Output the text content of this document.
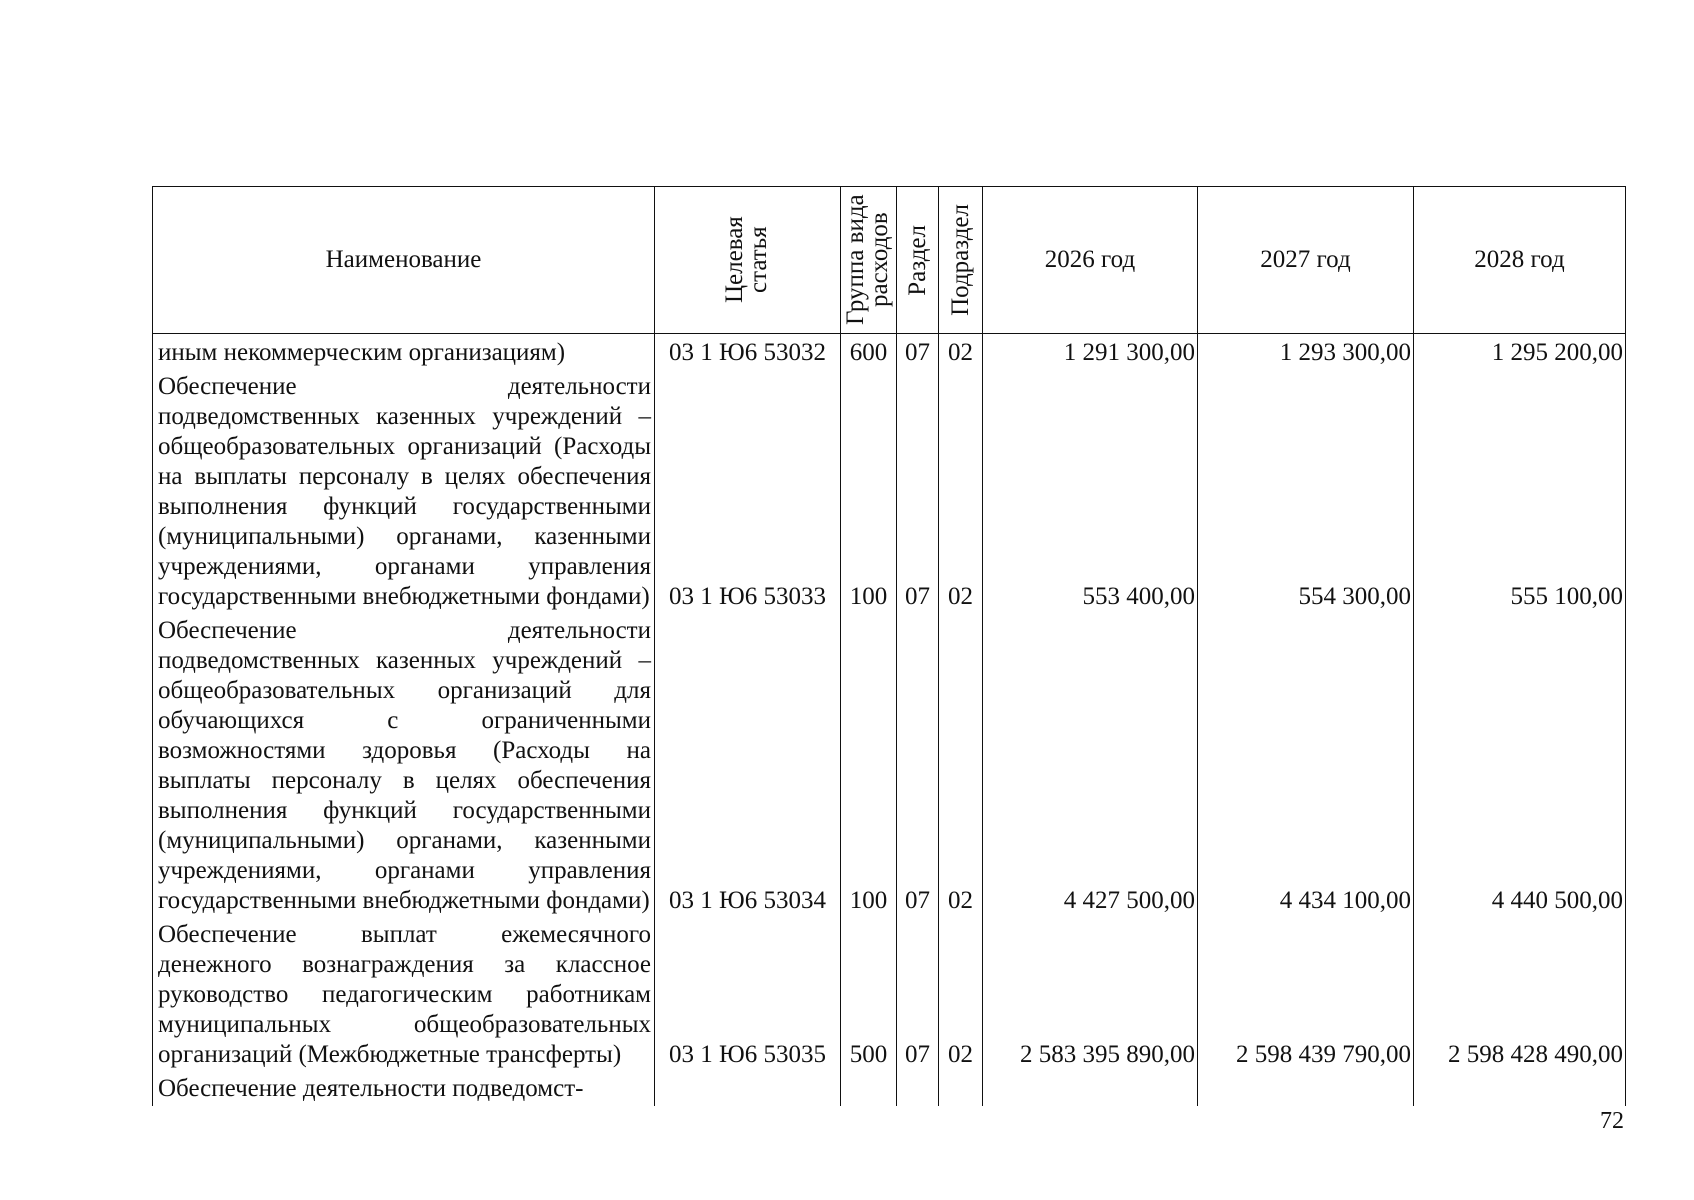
Наименование	Целевая статья	Группа вида расходов	Раздел	Подраздел	2026 год	2027 год	2028 год
иным некоммерческим организациям)	03 1 Ю6 53032	600	07	02	1 291 300,00	1 293 300,00	1 295 200,00
Обеспечение деятельности подведомственных казенных учреждений – общеобразовательных организаций (Расходы на выплаты персоналу в целях обеспечения выполнения функций государственными (муниципальными) органами, казенными учреждениями, органами управления государственными внебюджетными фондами)	03 1 Ю6 53033	100	07	02	553 400,00	554 300,00	555 100,00
Обеспечение деятельности подведомственных казенных учреждений – общеобразовательных организаций для обучающихся с ограниченными возможностями здоровья (Расходы на выплаты персоналу в целях обеспечения выполнения функций государственными (муниципальными) органами, казенными учреждениями, органами управления государственными внебюджетными фондами)	03 1 Ю6 53034	100	07	02	4 427 500,00	4 434 100,00	4 440 500,00
Обеспечение выплат ежемесячного денежного вознаграждения за классное руководство педагогическим работникам муниципальных общеобразовательных организаций (Межбюджетные трансферты)	03 1 Ю6 53035	500	07	02	2 583 395 890,00	2 598 439 790,00	2 598 428 490,00
Обеспечение деятельности подведомст-							
72
